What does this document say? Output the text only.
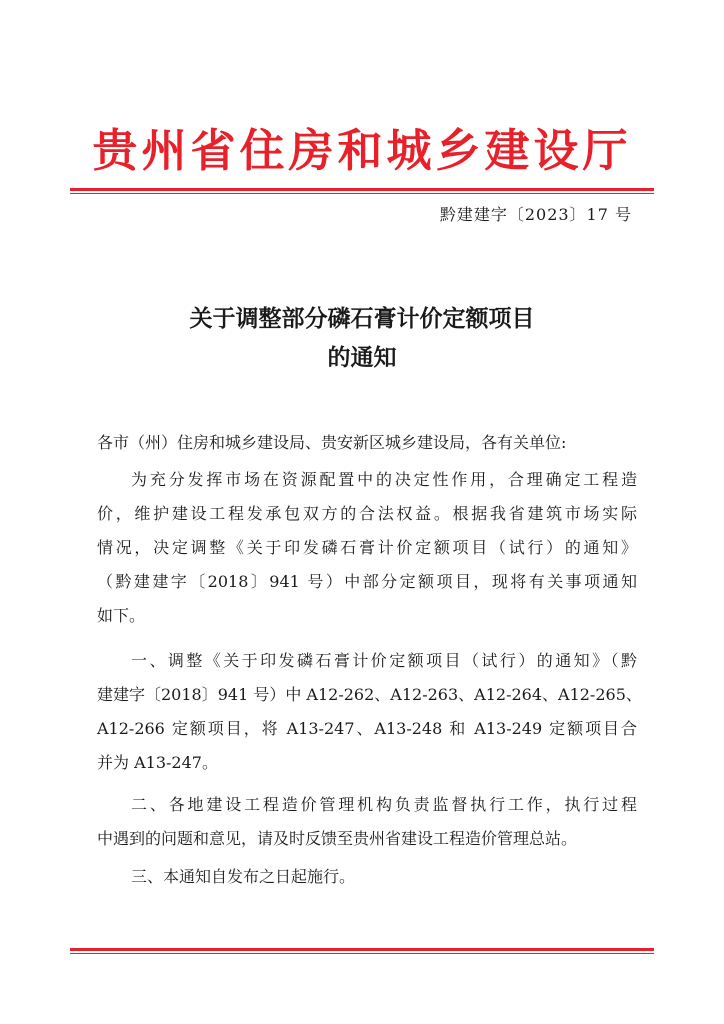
贵州省住房和城乡建设厅
黔建建字〔2023〕17 号
关于调整部分磷石膏计价定额项目
的通知
各市（州）住房和城乡建设局、贵安新区城乡建设局，各有关单位:
为充分发挥市场在资源配置中的决定性作用，合理确定工程造
价，维护建设工程发承包双方的合法权益。根据我省建筑市场实际
情况，决定调整《关于印发磷石膏计价定额项目（试行）的通知》
（黔建建字〔2018〕941 号）中部分定额项目，现将有关事项通知
如下。
一、调整《关于印发磷石膏计价定额项目（试行）的通知》（黔
建建字〔2018〕941 号）中 A12-262、A12-263、A12-264、A12-265、
A12-266 定额项目，将 A13-247、A13-248 和 A13-249 定额项目合
并为 A13-247。
二、各地建设工程造价管理机构负责监督执行工作，执行过程
中遇到的问题和意见，请及时反馈至贵州省建设工程造价管理总站。
三、本通知自发布之日起施行。
